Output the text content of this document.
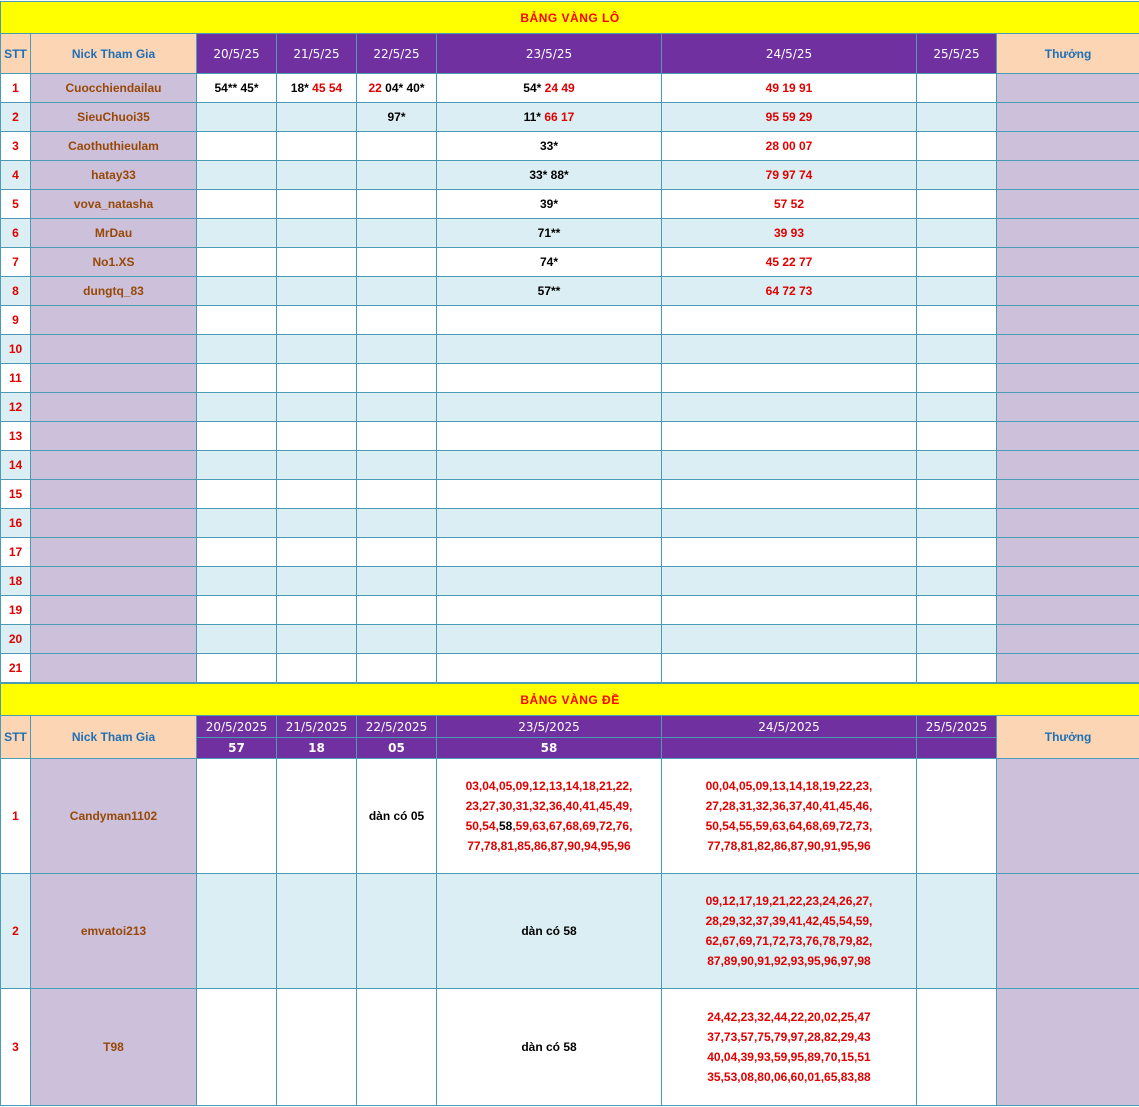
BẢNG VÀNG LÔ								
STT	Nick Tham Gia	20/5/25	21/5/25	22/5/25	23/5/25	24/5/25	25/5/25	Thưởng
1	Cuocchiendailau	54** 45*	18* 45 54	22 04* 40*	54* 24 49	49 19 91		
2	SieuChuoi35			97*	11* 66 17	95 59 29		
3	Caothuthieulam				33*	28 00 07		
4	hatay33				33* 88*	79 97 74		
5	vova_natasha				39*	57 52		
6	MrDau				71**	39 93		
7	No1.XS				74*	45 22 77		
8	dungtq_83				57**	64 72 73		
9								
10								
11								
12								
13								
14								
15								
16								
17								
18								
19								
20								
21								
BẢNG VÀNG ĐỀ								
STT	Nick Tham Gia	20/5/2025	21/5/2025	22/5/2025	23/5/2025	24/5/2025	25/5/2025	Thưởng
		57	18	05	58			
1	Candyman1102			dàn có 05	03,04,05,09,12,13,14,18,21,22,
23,27,30,31,32,36,40,41,45,49,
50,54,58,59,63,67,68,69,72,76,
77,78,81,85,86,87,90,94,95,96	00,04,05,09,13,14,18,19,22,23,
27,28,31,32,36,37,40,41,45,46,
50,54,55,59,63,64,68,69,72,73,
77,78,81,82,86,87,90,91,95,96		
2	emvatoi213				dàn có 58	09,12,17,19,21,22,23,24,26,27,
28,29,32,37,39,41,42,45,54,59,
62,67,69,71,72,73,76,78,79,82,
87,89,90,91,92,93,95,96,97,98		
3	T98				dàn có 58	24,42,23,32,44,22,20,02,25,47
37,73,57,75,79,97,28,82,29,43
40,04,39,93,59,95,89,70,15,51
35,53,08,80,06,60,01,65,83,88		
